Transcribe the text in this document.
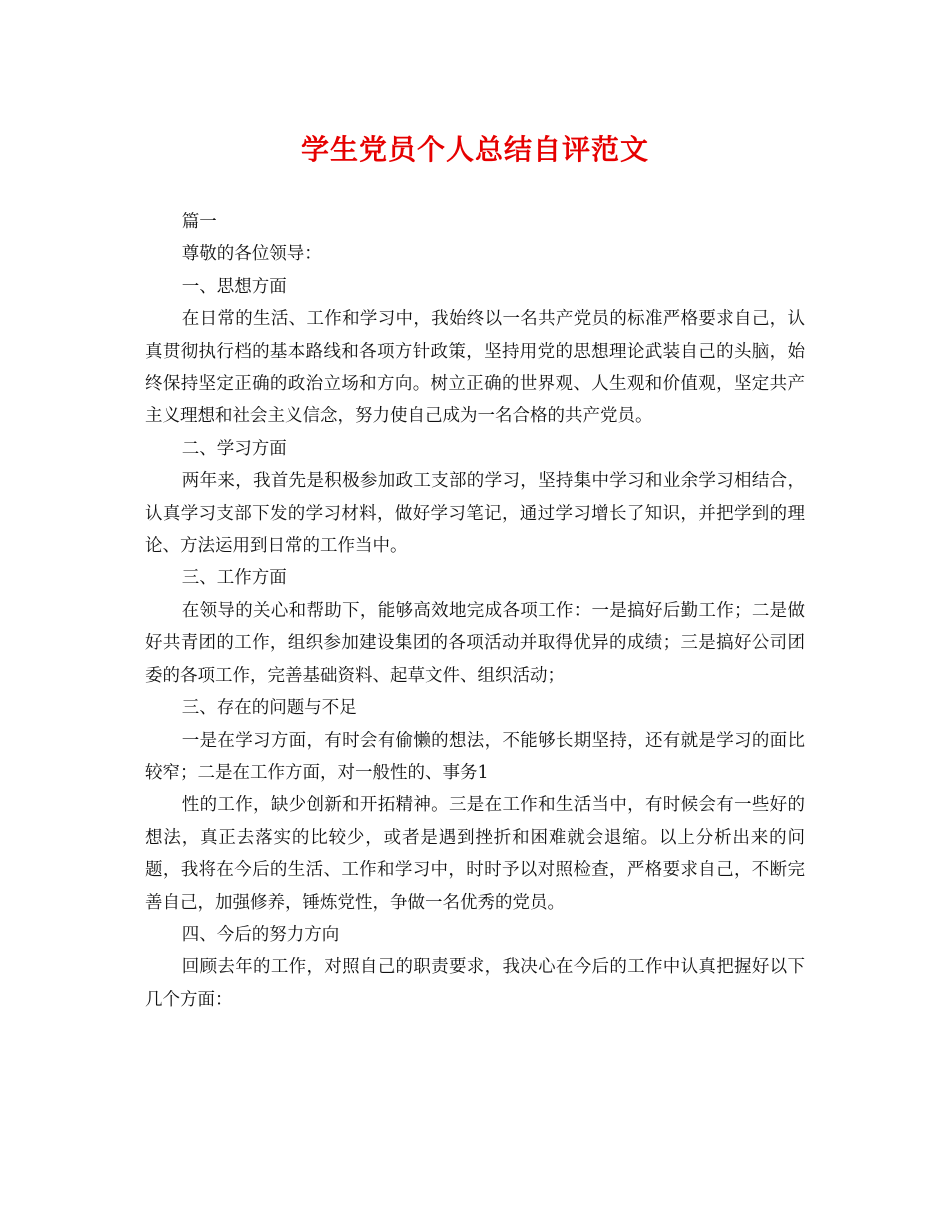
学生党员个人总结自评范文

篇一

尊敬的各位领导：

一、思想方面

在日常的生活、工作和学习中，我始终以一名共产党员的标准严格要求自己，认真贯彻执行档的基本路线和各项方针政策，坚持用党的思想理论武装自己的头脑，始终保持坚定正确的政治立场和方向。树立正确的世界观、人生观和价值观，坚定共产主义理想和社会主义信念，努力使自己成为一名合格的共产党员。

二、学习方面

两年来，我首先是积极参加政工支部的学习，坚持集中学习和业余学习相结合，认真学习支部下发的学习材料，做好学习笔记，通过学习增长了知识，并把学到的理论、方法运用到日常的工作当中。

三、工作方面

在领导的关心和帮助下，能够高效地完成各项工作：一是搞好后勤工作；二是做好共青团的工作，组织参加建设集团的各项活动并取得优异的成绩；三是搞好公司团委的各项工作，完善基础资料、起草文件、组织活动；

三、存在的问题与不足

一是在学习方面，有时会有偷懒的想法，不能够长期坚持，还有就是学习的面比较窄；二是在工作方面，对一般性的、事务1

性的工作，缺少创新和开拓精神。三是在工作和生活当中，有时候会有一些好的想法，真正去落实的比较少，或者是遇到挫折和困难就会退缩。以上分析出来的问题，我将在今后的生活、工作和学习中，时时予以对照检查，严格要求自己，不断完善自己，加强修养，锤炼党性，争做一名优秀的党员。

四、今后的努力方向

回顾去年的工作，对照自己的职责要求，我决心在今后的工作中认真把握好以下几个方面：
